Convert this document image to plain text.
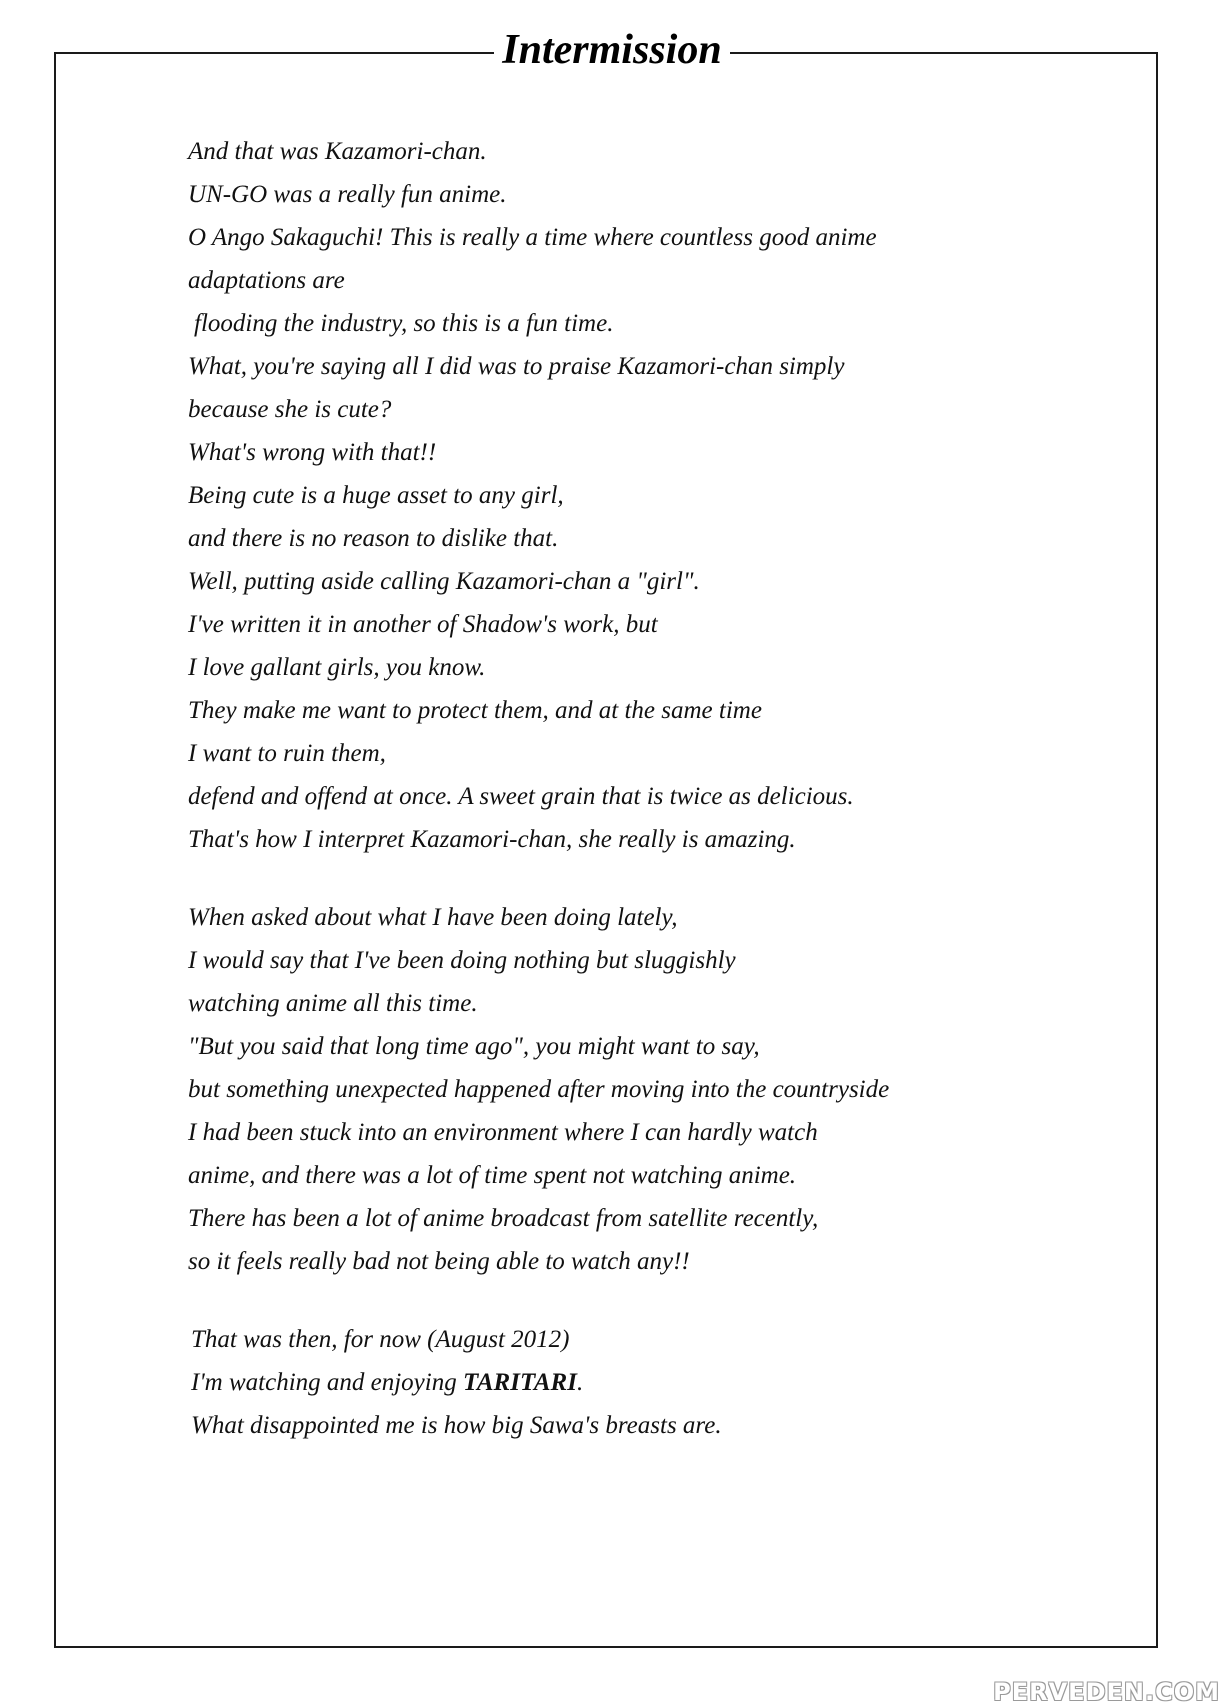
Intermission
And that was Kazamori-chan.
UN-GO was a really fun anime.
O Ango Sakaguchi! This is really a time where countless good anime
adaptations are
flooding the industry, so this is a fun time.
What, you're saying all I did was to praise Kazamori-chan simply
because she is cute?
What's wrong with that!!
Being cute is a huge asset to any girl,
and there is no reason to dislike that.
Well, putting aside calling Kazamori-chan a "girl".
I've written it in another of Shadow's work, but
I love gallant girls, you know.
They make me want to protect them, and at the same time
I want to ruin them,
defend and offend at once. A sweet grain that is twice as delicious.
That's how I interpret Kazamori-chan, she really is amazing.
When asked about what I have been doing lately,
I would say that I've been doing nothing but sluggishly
watching anime all this time.
"But you said that long time ago", you might want to say,
but something unexpected happened after moving into the countryside
I had been stuck into an environment where I can hardly watch
anime, and there was a lot of time spent not watching anime.
There has been a lot of anime broadcast from satellite recently,
so it feels really bad not being able to watch any!!
That was then, for now (August 2012)
I'm watching and enjoying TARITARI.
What disappointed me is how big Sawa's breasts are.
PERVEDEN.COM
